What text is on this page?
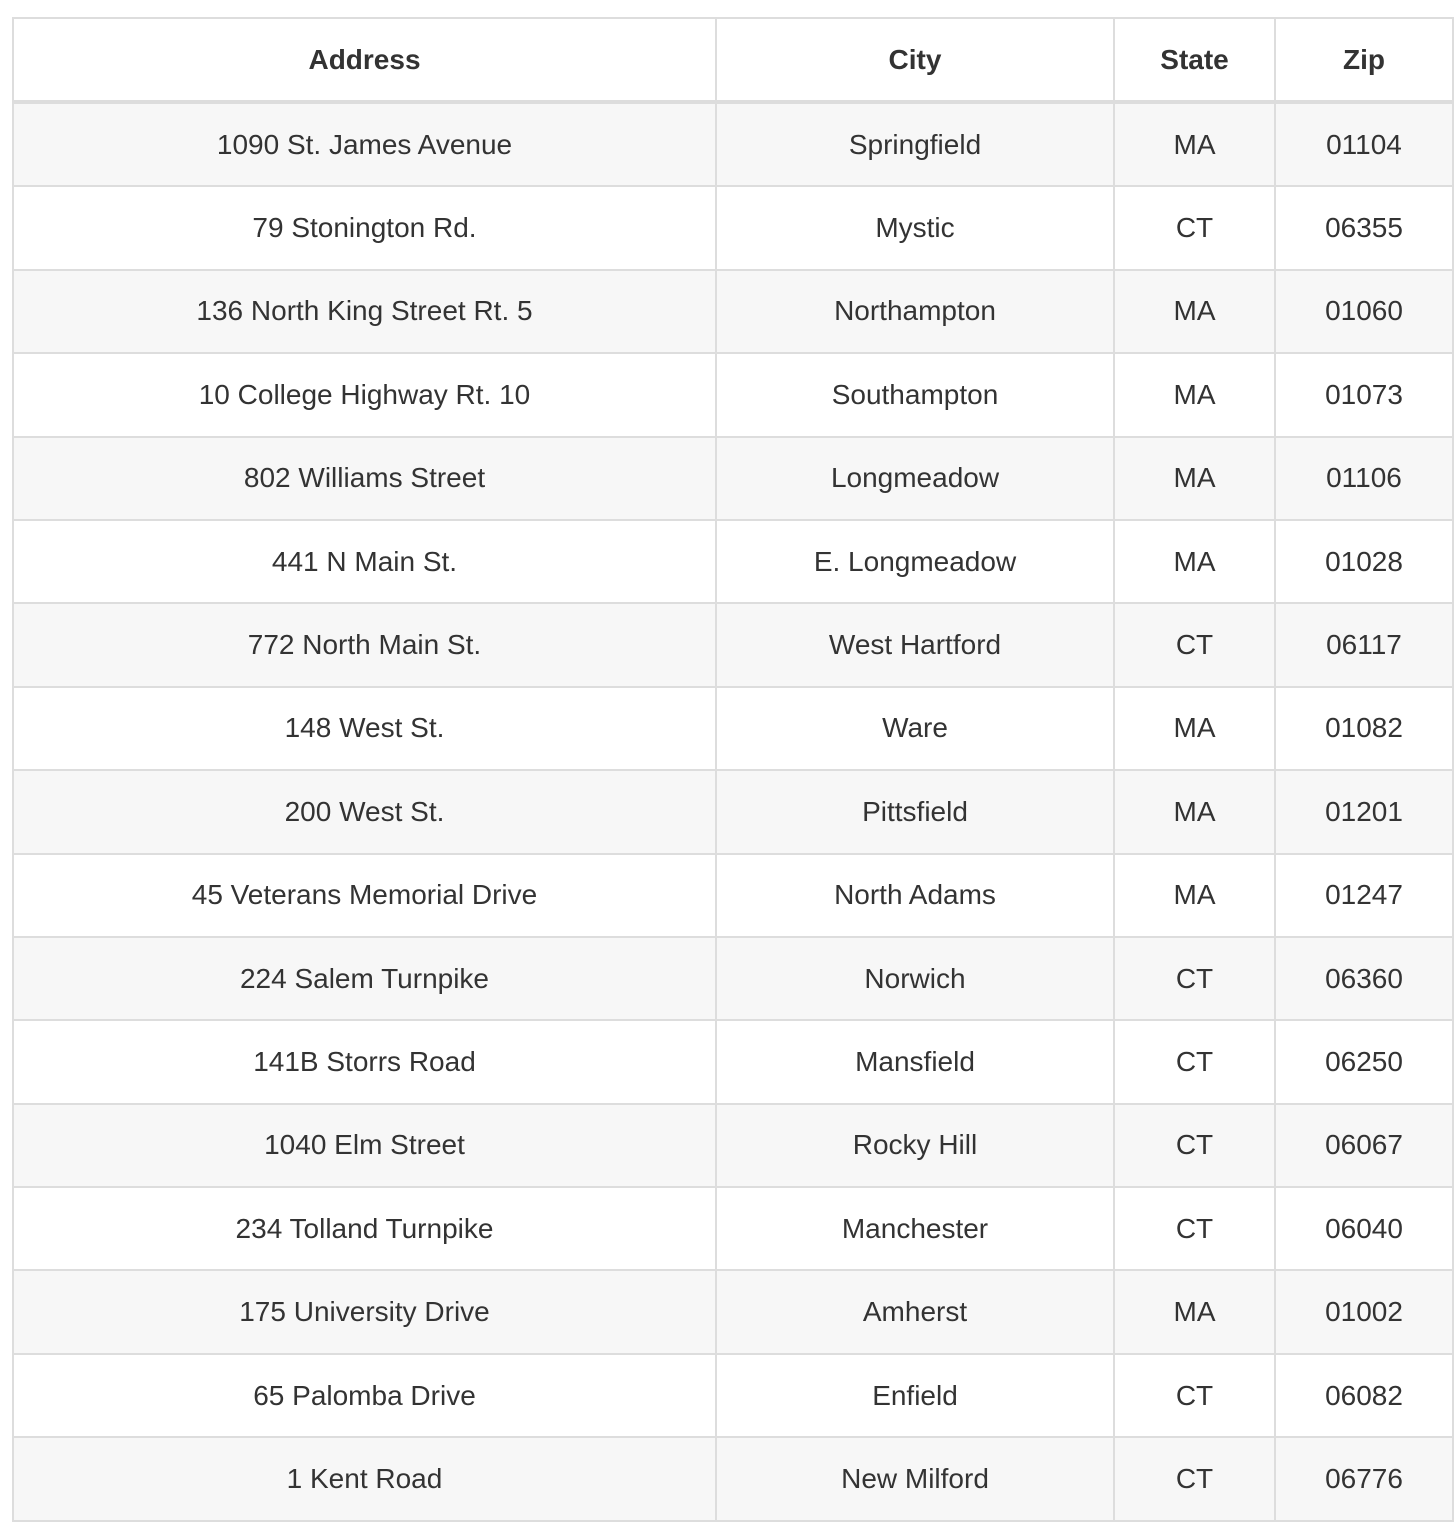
Address	City	State	Zip
1090 St. James Avenue	Springfield	MA	01104
79 Stonington Rd.	Mystic	CT	06355
136 North King Street Rt. 5	Northampton	MA	01060
10 College Highway Rt. 10	Southampton	MA	01073
802 Williams Street	Longmeadow	MA	01106
441 N Main St.	E. Longmeadow	MA	01028
772 North Main St.	West Hartford	CT	06117
148 West St.	Ware	MA	01082
200 West St.	Pittsfield	MA	01201
45 Veterans Memorial Drive	North Adams	MA	01247
224 Salem Turnpike	Norwich	CT	06360
141B Storrs Road	Mansfield	CT	06250
1040 Elm Street	Rocky Hill	CT	06067
234 Tolland Turnpike	Manchester	CT	06040
175 University Drive	Amherst	MA	01002
65 Palomba Drive	Enfield	CT	06082
1 Kent Road	New Milford	CT	06776
